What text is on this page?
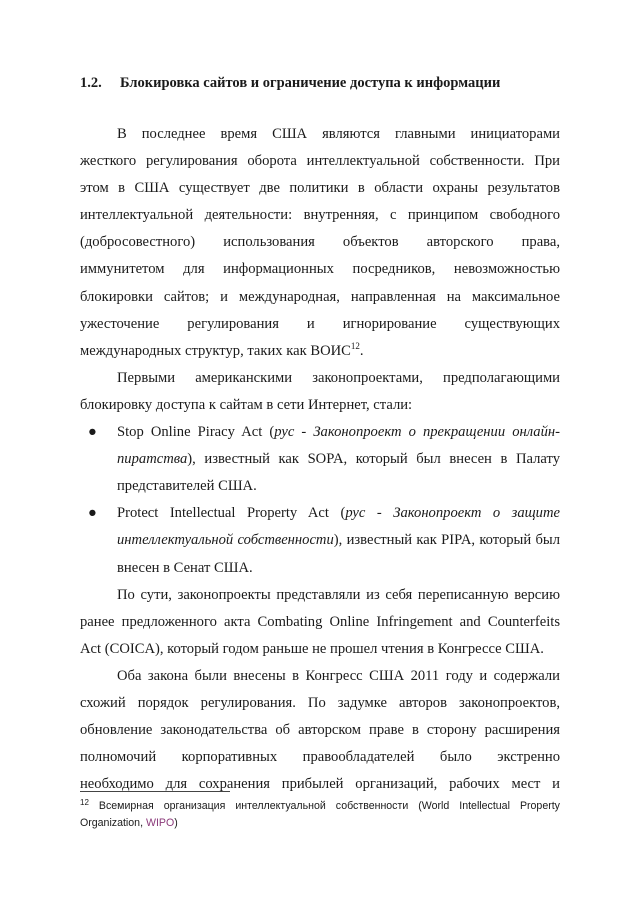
1.2. Блокировка сайтов и ограничение доступа к информации

В последнее время США являются главными инициаторами

жесткого регулирования оборота интеллектуальной собственности. При

этом в США существует две политики в области охраны результатов

интеллектуальной деятельности: внутренняя, с принципом свободного

(добросовестного) использования объектов авторского права,

иммунитетом для информационных посредников, невозможностью

блокировки сайтов; и международная, направленная на максимальное

ужесточение регулирования и игнорирование существующих

международных структур, таких как ВОИС$^{12}$.

Первыми американскими законопроектами, предполагающими

блокировку доступа к сайтам в сети Интернет, стали:

● Stop Online Piracy Act (рус - Законопроект о прекращении онлайн-пиратства), известный как SOPA, который был внесен в Палату представителей США.

● Protect Intellectual Property Act (рус - Законопроект о защите интеллектуальной собственности), известный как PIPA, который был внесен в Сенат США.

По сути, законопроекты представляли из себя переписанную версию

ранее предложенного акта Combating Online Infringement and Counterfeits

Act (COICA), который годом раньше не прошел чтения в Конгрессе США.

Оба закона были внесены в Конгресс США 2011 году и содержали

схожий порядок регулирования. По задумке авторов законопроектов,

обновление законодательства об авторском праве в сторону расширения

полномочий корпоративных правообладателей было экстренно

необходимо для сохранения прибылей организаций, рабочих мест и

$^{12}$ Всемирная организация интеллектуальной собственности (World Intellectual Property Organization, WIPO)
